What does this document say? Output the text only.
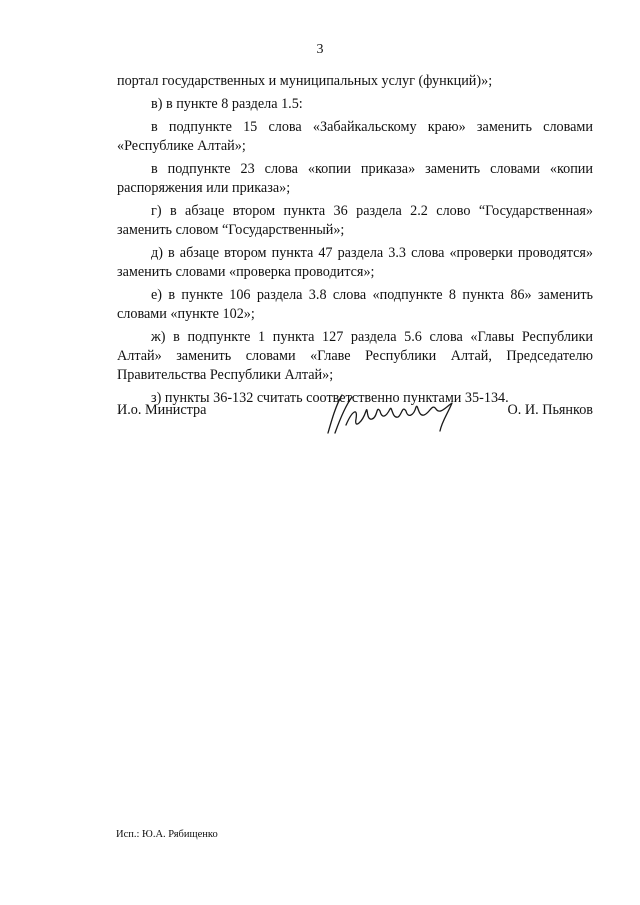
3

портал государственных и муниципальных услуг (функций)»;

в) в пункте 8 раздела 1.5:

в подпункте 15 слова «Забайкальскому краю» заменить словами «Республике Алтай»;

в подпункте 23 слова «копии приказа» заменить словами «копии распоряжения или приказа»;

г) в абзаце втором пункта 36 раздела 2.2 слово “Государственная» заменить словом “Государственный»;

д) в абзаце втором пункта 47 раздела 3.3 слова «проверки проводятся» заменить словами «проверка проводится»;

е) в пункте 106 раздела 3.8 слова «подпункте 8 пункта 86» заменить словами «пункте 102»;

ж) в подпункте 1 пункта 127 раздела 5.6 слова «Главы Республики Алтай» заменить словами «Главе Республики Алтай, Председателю Правительства Республики Алтай»;

з) пункты 36-132 считать соответственно пунктами 35-134.

И.о. Министра	О. И. Пьянков
Исп.: Ю.А. Рябищенко
